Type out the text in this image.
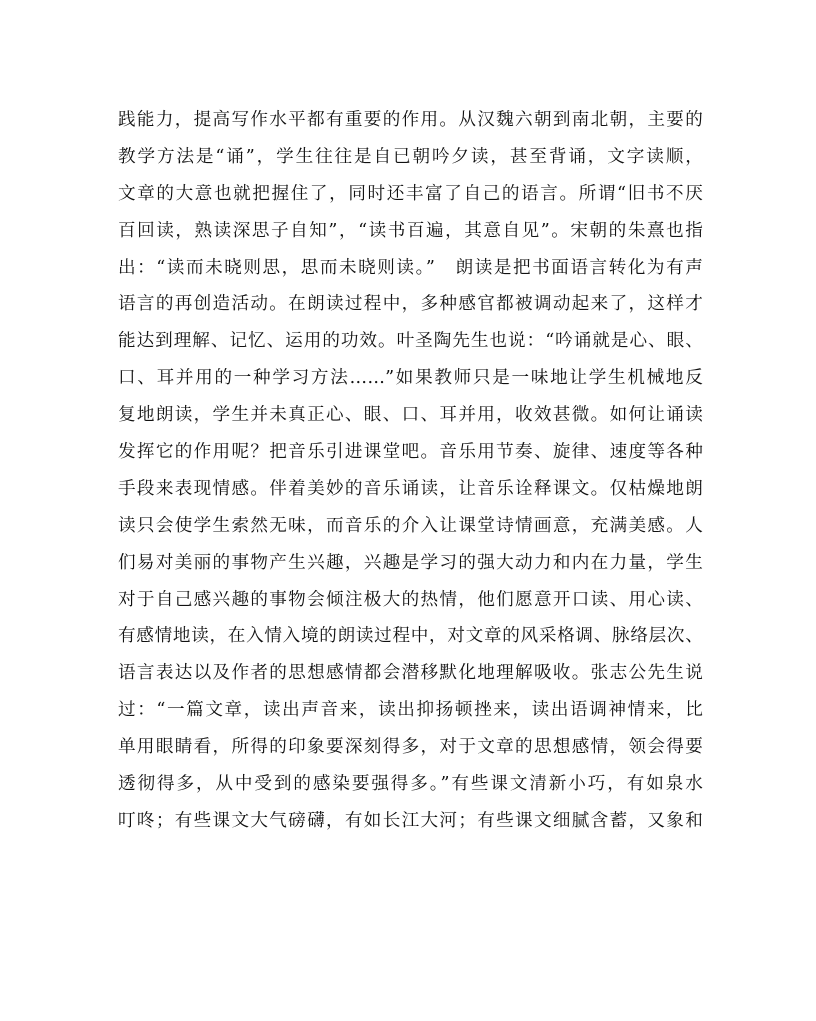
践能力，提高写作水平都有重要的作用。从汉魏六朝到南北朝，主要的
教学方法是“诵”，学生往往是自已朝吟夕读，甚至背诵，文字读顺，
文章的大意也就把握住了，同时还丰富了自己的语言。所谓“旧书不厌
百回读，熟读深思子自知”，“读书百遍，其意自见”。宋朝的朱熹也指
出：“读而未晓则思，思而未晓则读。”　朗读是把书面语言转化为有声
语言的再创造活动。在朗读过程中，多种感官都被调动起来了，这样才
能达到理解、记忆、运用的功效。叶圣陶先生也说：“吟诵就是心、眼、
口、耳并用的一种学习方法……”如果教师只是一味地让学生机械地反
复地朗读，学生并未真正心、眼、口、耳并用，收效甚微。如何让诵读
发挥它的作用呢？把音乐引进课堂吧。音乐用节奏、旋律、速度等各种
手段来表现情感。伴着美妙的音乐诵读，让音乐诠释课文。仅枯燥地朗
读只会使学生索然无味，而音乐的介入让课堂诗情画意，充满美感。人
们易对美丽的事物产生兴趣，兴趣是学习的强大动力和内在力量，学生
对于自己感兴趣的事物会倾注极大的热情，他们愿意开口读、用心读、
有感情地读，在入情入境的朗读过程中，对文章的风采格调、脉络层次、
语言表达以及作者的思想感情都会潜移默化地理解吸收。张志公先生说
过：“一篇文章，读出声音来，读出抑扬顿挫来，读出语调神情来，比
单用眼睛看，所得的印象要深刻得多，对于文章的思想感情，领会得要
透彻得多，从中受到的感染要强得多。”有些课文清新小巧，有如泉水
叮咚；有些课文大气磅礴，有如长江大河；有些课文细腻含蓄，又象和
